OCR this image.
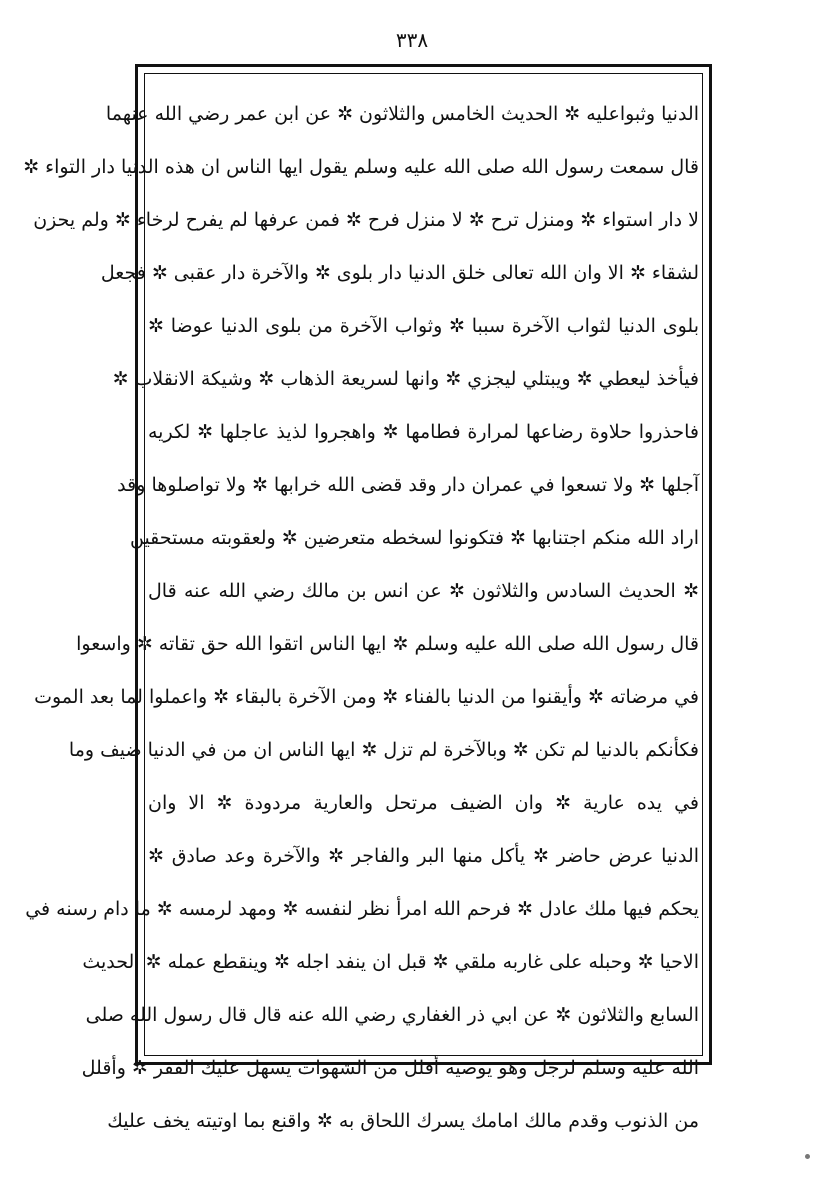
٣٣٨
الدنيا وثبواعليه ✲ الحديث الخامس والثلاثون ✲ عن ابن عمر رضي الله عنهما
قال سمعت رسول الله صلى الله عليه وسلم يقول ايها الناس ان هذه الدنيا دار التواء ✲
لا دار استواء ✲ ومنزل ترح ✲ لا منزل فرح ✲ فمن عرفها لم يفرح لرخاء ✲ ولم يحزن
لشقاء ✲ الا وان الله تعالى خلق الدنيا دار بلوى ✲ والآخرة دار عقبى ✲ فجعل
بلوى الدنيا لثواب الآخرة سببا ✲ وثواب الآخرة من بلوى الدنيا عوضا ✲
فيأخذ ليعطي ✲ ويبتلي ليجزي ✲ وانها لسريعة الذهاب ✲ وشيكة الانقلاب ✲
فاحذروا حلاوة رضاعها لمرارة فطامها ✲ واهجروا لذيذ عاجلها ✲ لكريه
آجلها ✲ ولا تسعوا في عمران دار وقد قضى الله خرابها ✲ ولا تواصلوها وقد
اراد الله منكم اجتنابها ✲ فتكونوا لسخطه متعرضين ✲ ولعقوبته مستحقين
✲ الحديث السادس والثلاثون ✲ عن انس بن مالك رضي الله عنه قال
قال رسول الله صلى الله عليه وسلم ✲ ايها الناس اتقوا الله حق تقاته ✲ واسعوا
في مرضاته ✲ وأيقنوا من الدنيا بالفناء ✲ ومن الآخرة بالبقاء ✲ واعملوا لما بعد الموت
فكأنكم بالدنيا لم تكن ✲ وبالآخرة لم تزل ✲ ايها الناس ان من في الدنيا ضيف وما
في يده عارية ✲ وان الضيف مرتحل والعارية مردودة ✲ الا وان
الدنيا عرض حاضر ✲ يأكل منها البر والفاجر ✲ والآخرة وعد صادق ✲
يحكم فيها ملك عادل ✲ فرحم الله امرأ نظر لنفسه ✲ ومهد لرمسه ✲ ما دام رسنه في
الاحيا ✲ وحبله على غاربه ملقي ✲ قبل ان ينفد اجله ✲ وينقطع عمله ✲ الحديث
السابع والثلاثون ✲ عن ابي ذر الغفاري رضي الله عنه قال قال رسول الله صلى
الله عليه وسلم لرجل وهو يوصيه أقلل من الشهوات يسهل عليك الفقر ✲ وأقلل
من الذنوب وقدم مالك امامك يسرك اللحاق به ✲ واقنع بما اوتيته يخف عليك
